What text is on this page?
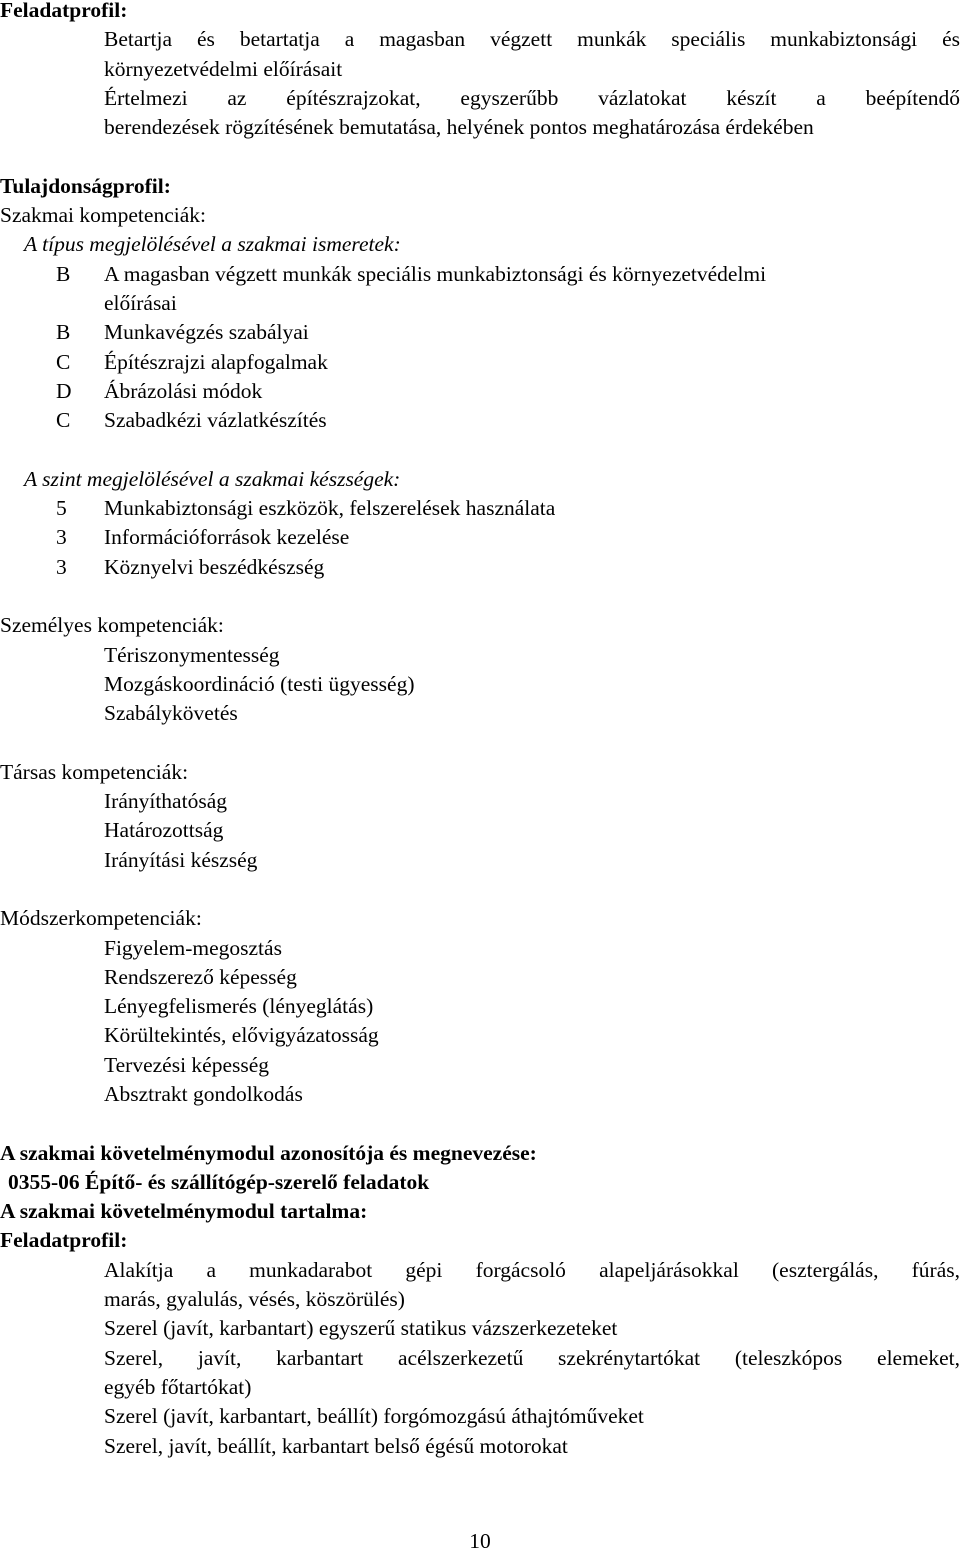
Feladatprofil:
Betartja és betartatja a magasban végzett munkák speciális munkabiztonsági és
környezetvédelmi előírásait
Értelmezi az építészrajzokat, egyszerűbb vázlatokat készít a beépítendő
berendezések rögzítésének bemutatása, helyének pontos meghatározása érdekében
Tulajdonságprofil:
Szakmai kompetenciák:
A típus megjelölésével a szakmai ismeretek:
B	A magasban végzett munkák speciális munkabiztonsági és környezetvédelmi
előírásai
B	Munkavégzés szabályai
C	Építészrajzi alapfogalmak
D	Ábrázolási módok
C	Szabadkézi vázlatkészítés
A szint megjelölésével a szakmai készségek:
5	Munkabiztonsági eszközök, felszerelések használata
3	Információforrások kezelése
3	Köznyelvi beszédkészség
Személyes kompetenciák:
Tériszonymentesség
Mozgáskoordináció (testi ügyesség)
Szabálykövetés
Társas kompetenciák:
Irányíthatóság
Határozottság
Irányítási készség
Módszerkompetenciák:
Figyelem-megosztás
Rendszerező képesség
Lényegfelismerés (lényeglátás)
Körültekintés, elővigyázatosság
Tervezési képesség
Absztrakt gondolkodás
A szakmai követelménymodul azonosítója és megnevezése:
0355-06 Építő- és szállítógép-szerelő feladatok
A szakmai követelménymodul tartalma:
Feladatprofil:
Alakítja a munkadarabot gépi forgácsoló alapeljárásokkal (esztergálás, fúrás,
marás, gyalulás, vésés, köszörülés)
Szerel (javít, karbantart) egyszerű statikus vázszerkezeteket
Szerel, javít, karbantart acélszerkezetű szekrénytartókat (teleszkópos elemeket,
egyéb főtartókat)
Szerel (javít, karbantart, beállít) forgómozgású áthajtóműveket
Szerel, javít, beállít, karbantart belső égésű motorokat
10
